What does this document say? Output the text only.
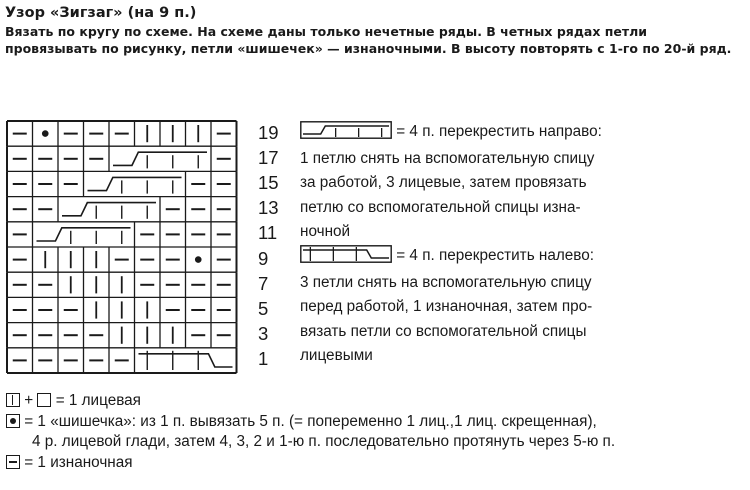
Узор «Зигзаг» (на 9 п.)
Вязать по кругу по схеме. На схеме даны только нечетные ряды. В четных рядах петли провязывать по рисунку, петли «шишечек» — изнаночными. В высоту повторять с 1-го по 20-й ряд.
19
17
15
13
11
9
7
5
3
1
= 4 п. перекрестить направо:
1 петлю снять на вспомогательную спицу
за работой, 3 лицевые, затем провязать
петлю со вспомогательной спицы изна-
ночной
= 4 п. перекрестить налево:
3 петли снять на вспомогательную спицу
перед работой, 1 изнаночная, затем про-
вязать петли со вспомогательной спицы
лицевыми
+ = 1 лицевая
= 1 «шишечка»: из 1 п. вывязать 5 п. (= попеременно 1 лиц.,1 лиц. скрещенная),
4 р. лицевой глади, затем 4, 3, 2 и 1-ю п. последовательно протянуть через 5-ю п.
= 1 изнаночная
